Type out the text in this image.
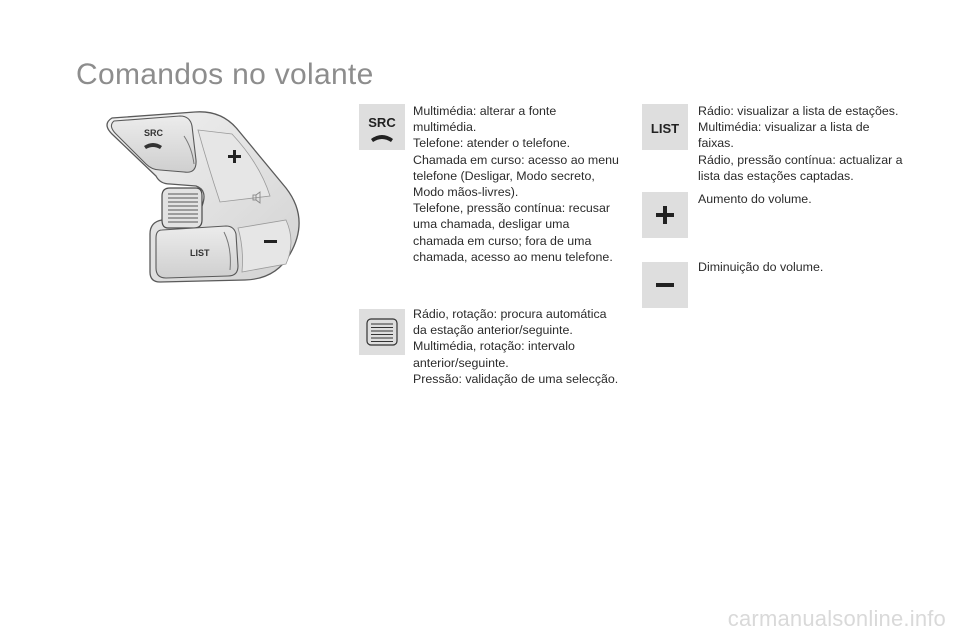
Comandos no volante
SRC
LIST
SRC
Multimédia: alterar a fonte
multimédia.
Telefone: atender o telefone.
Chamada em curso: acesso ao menu
telefone (Desligar, Modo secreto,
Modo mãos-livres).
Telefone, pressão contínua: recusar
uma chamada, desligar uma
chamada em curso; fora de uma
chamada, acesso ao menu telefone.
Rádio, rotação: procura automática
da estação anterior/seguinte.
Multimédia, rotação: intervalo
anterior/seguinte.
Pressão: validação de uma selecção.
LIST
Rádio: visualizar a lista de estações.
Multimédia: visualizar a lista de
faixas.
Rádio, pressão contínua: actualizar a
lista das estações captadas.
Aumento do volume.
Diminuição do volume.
carmanualsonline.info
